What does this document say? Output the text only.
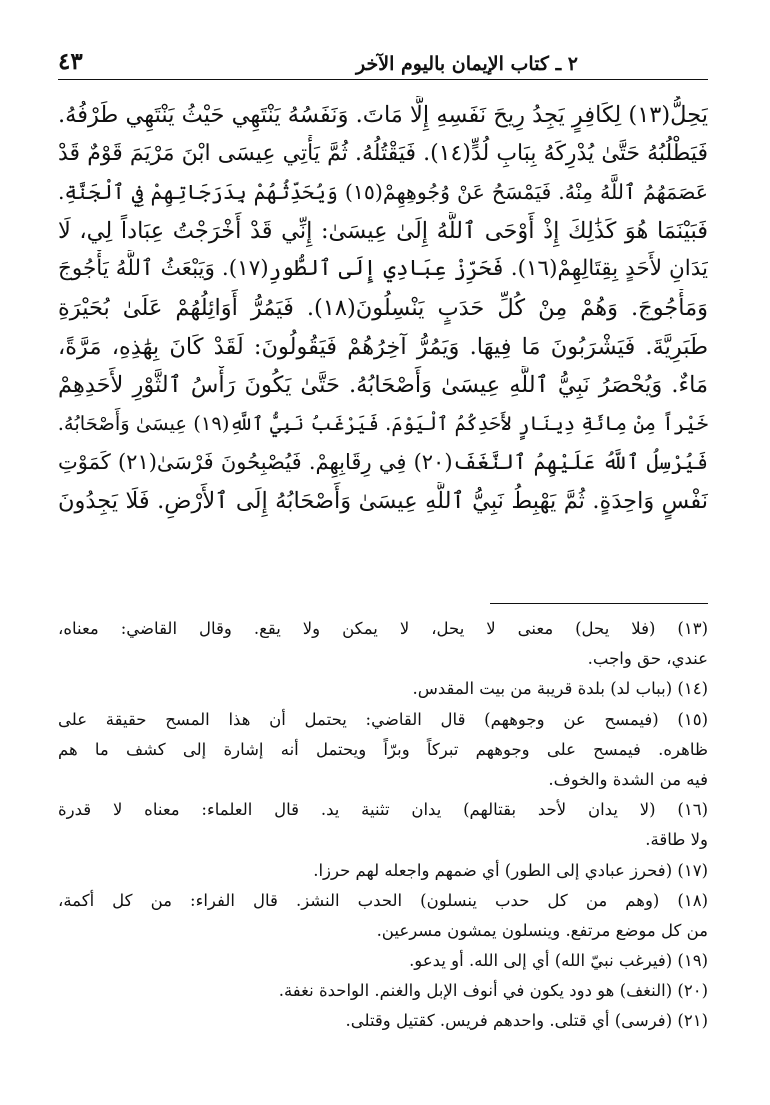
٢ ـ كتاب الإيمان باليوم الآخر
٤٣
يَحِلُّ(١٣) لِكَافِرٍ يَجِدُ رِيحَ نَفَسِهِ إِلَّا مَاتَ. وَنَفَسُهُ يَنْتَهِي حَيْثُ يَنْتَهِي طَرْفُهُ.
فَيَطْلُبُهُ حَتَّىٰ يُدْرِكَهُ بِبَابِ لُدٍّ(١٤). فَيَقْتُلُهُ. ثُمَّ يَأْتِي عِيسَى ابْنَ مَرْيَمَ قَوْمٌ قَدْ
عَصَمَهُمُ ٱللَّهُ مِنْهُ. فَيَمْسَحُ عَنْ وُجُوهِهِمْ(١٥) وَيُحَدِّثُهُمْ بِدَرَجَاتِهِمْ فِي ٱلْجَنَّةِ.
فَبَيْنَمَا هُوَ كَذَٰلِكَ إِذْ أَوْحَى ٱللَّهُ إِلَىٰ عِيسَىٰ: إِنِّي قَدْ أَخْرَجْتُ عِبَاداً لِي، لَا
يَدَانِ لأَحَدٍ بِقِتَالِهِمْ(١٦). فَحَرِّزْ عِبَادِي إِلَى ٱلطُّورِ(١٧). وَيَبْعَثُ ٱللَّهُ يَأْجُوجَ
وَمَأْجُوجَ. وَهُمْ مِنْ كُلِّ حَدَبٍ يَنْسِلُونَ(١٨). فَيَمُرُّ أَوَائِلُهُمْ عَلَىٰ بُحَيْرَةِ
طَبَرِيَّةَ. فَيَشْرَبُونَ مَا فِيهَا. وَيَمُرُّ آخِرُهُمْ فَيَقُولُونَ: لَقَدْ كَانَ بِهَٰذِهِ، مَرَّةً،
مَاءٌ. وَيُحْصَرُ نَبِيُّ ٱللَّهِ عِيسَىٰ وَأَصْحَابُهُ. حَتَّىٰ يَكُونَ رَأْسُ ٱلثَّوْرِ لأَحَدِهِمْ
خَيْراً مِنْ مِائَةِ دِينَارٍ لأَحَدِكُمُ ٱلْيَوْمَ. فَيَرْغَبُ نَبِيُّ ٱللَّهِ(١٩) عِيسَىٰ وَأَصْحَابُهُ.
فَيُرْسِلُ ٱللَّهُ عَلَيْهِمُ ٱلنَّغَفَ(٢٠) فِي رِقَابِهِمْ. فَيُصْبِحُونَ فَرْسَىٰ(٢١) كَمَوْتِ
نَفْسٍ وَاحِدَةٍ. ثُمَّ يَهْبِطُ نَبِيُّ ٱللَّهِ عِيسَىٰ وَأَصْحَابُهُ إِلَى ٱلأَرْضِ. فَلَا يَجِدُونَ
(١٣) (فلا يحل) معنى لا يحل، لا يمكن ولا يقع. وقال القاضي: معناه،
عندي، حق واجب.
(١٤) (بباب لد) بلدة قريبة من بيت المقدس.
(١٥) (فيمسح عن وجوههم) قال القاضي: يحتمل أن هذا المسح حقيقة على
ظاهره. فيمسح على وجوههم تبركاً وبرّاً ويحتمل أنه إشارة إلى كشف ما هم
فيه من الشدة والخوف.
(١٦) (لا يدان لأحد بقتالهم) يدان تثنية يد. قال العلماء: معناه لا قدرة
ولا طاقة.
(١٧) (فحرز عبادي إلى الطور) أي ضمهم واجعله لهم حرزا.
(١٨) (وهم من كل حدب ينسلون) الحدب النشز. قال الفراء: من كل أكمة،
من كل موضع مرتفع. وينسلون يمشون مسرعين.
(١٩) (فيرغب نبيّ الله) أي إلى الله. أو يدعو.
(٢٠) (النغف) هو دود يكون في أنوف الإبل والغنم. الواحدة نغفة.
(٢١) (فرسى) أي قتلى. واحدهم فريس. كقتيل وقتلى.
